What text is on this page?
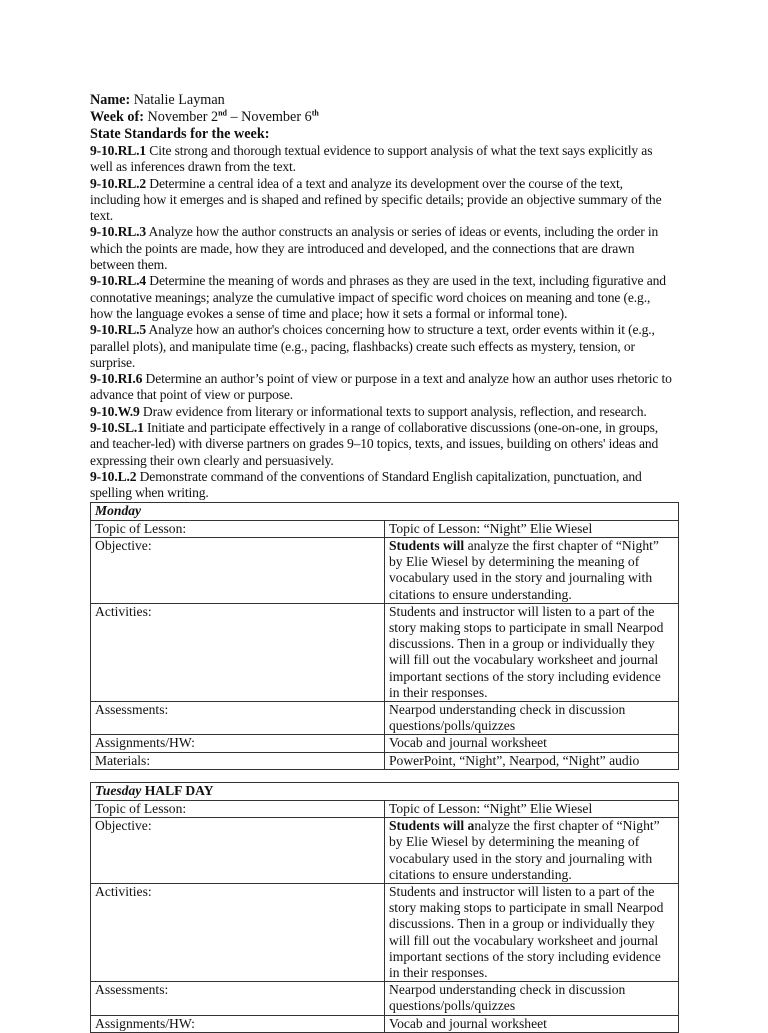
Name: Natalie Layman
Week of: November 2nd – November 6th
State Standards for the week:
9-10.RL.1 Cite strong and thorough textual evidence to support analysis of what the text says explicitly as well as inferences drawn from the text.
9-10.RL.2 Determine a central idea of a text and analyze its development over the course of the text, including how it emerges and is shaped and refined by specific details; provide an objective summary of the text.
9-10.RL.3 Analyze how the author constructs an analysis or series of ideas or events, including the order in which the points are made, how they are introduced and developed, and the connections that are drawn between them.
9-10.RL.4 Determine the meaning of words and phrases as they are used in the text, including figurative and connotative meanings; analyze the cumulative impact of specific word choices on meaning and tone (e.g., how the language evokes a sense of time and place; how it sets a formal or informal tone).
9-10.RL.5 Analyze how an author's choices concerning how to structure a text, order events within it (e.g., parallel plots), and manipulate time (e.g., pacing, flashbacks) create such effects as mystery, tension, or surprise.
9-10.RI.6 Determine an author’s point of view or purpose in a text and analyze how an author uses rhetoric to advance that point of view or purpose.
9-10.W.9 Draw evidence from literary or informational texts to support analysis, reflection, and research.
9-10.SL.1 Initiate and participate effectively in a range of collaborative discussions (one-on-one, in groups, and teacher-led) with diverse partners on grades 9–10 topics, texts, and issues, building on others' ideas and expressing their own clearly and persuasively.
9-10.L.2 Demonstrate command of the conventions of Standard English capitalization, punctuation, and spelling when writing.
Monday	
Topic of Lesson:	Topic of Lesson: “Night” Elie Wiesel
Objective:	Students will analyze the first chapter of “Night” by Elie Wiesel by determining the meaning of vocabulary used in the story and journaling with citations to ensure understanding.
Activities:	Students and instructor will listen to a part of the story making stops to participate in small Nearpod discussions. Then in a group or individually they will fill out the vocabulary worksheet and journal important sections of the story including evidence in their responses.
Assessments:	Nearpod understanding check in discussion questions/polls/quizzes
Assignments/HW:	Vocab and journal worksheet
Materials:	PowerPoint, “Night”, Nearpod, “Night” audio
Tuesday HALF DAY	
Topic of Lesson:	Topic of Lesson: “Night” Elie Wiesel
Objective:	Students will analyze the first chapter of “Night” by Elie Wiesel by determining the meaning of vocabulary used in the story and journaling with citations to ensure understanding.
Activities:	Students and instructor will listen to a part of the story making stops to participate in small Nearpod discussions. Then in a group or individually they will fill out the vocabulary worksheet and journal important sections of the story including evidence in their responses.
Assessments:	Nearpod understanding check in discussion questions/polls/quizzes
Assignments/HW:	Vocab and journal worksheet
